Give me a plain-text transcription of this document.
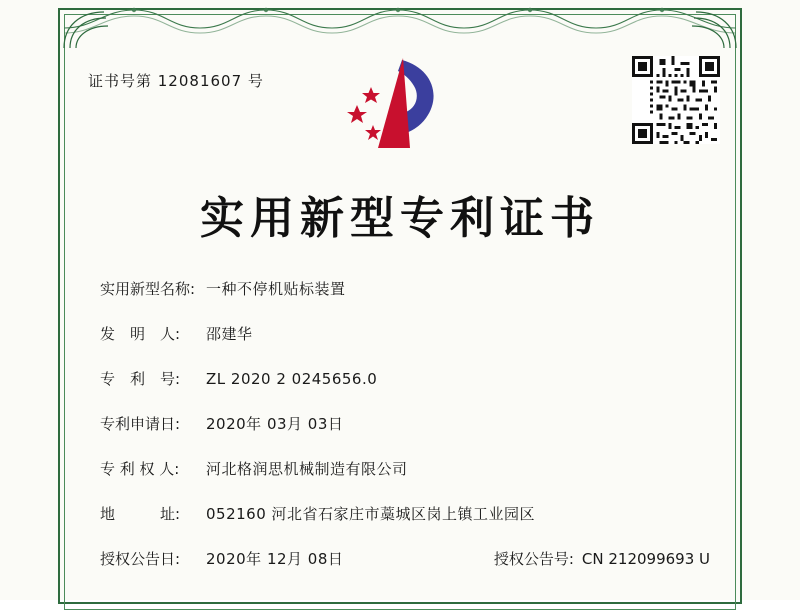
证书号第 12081607 号
实用新型专利证书
实用新型名称: 一种不停机贴标装置
发　明　人:	邵建华
专　利　号:	ZL 2020 2 0245656.0
专利申请日:	2020年 03月 03日
专 利 权 人:	河北格润思机械制造有限公司
地　　　址:	052160 河北省石家庄市藁城区岗上镇工业园区
授权公告日:	2020年 12月 08日	授权公告号: CN 212099693 U
